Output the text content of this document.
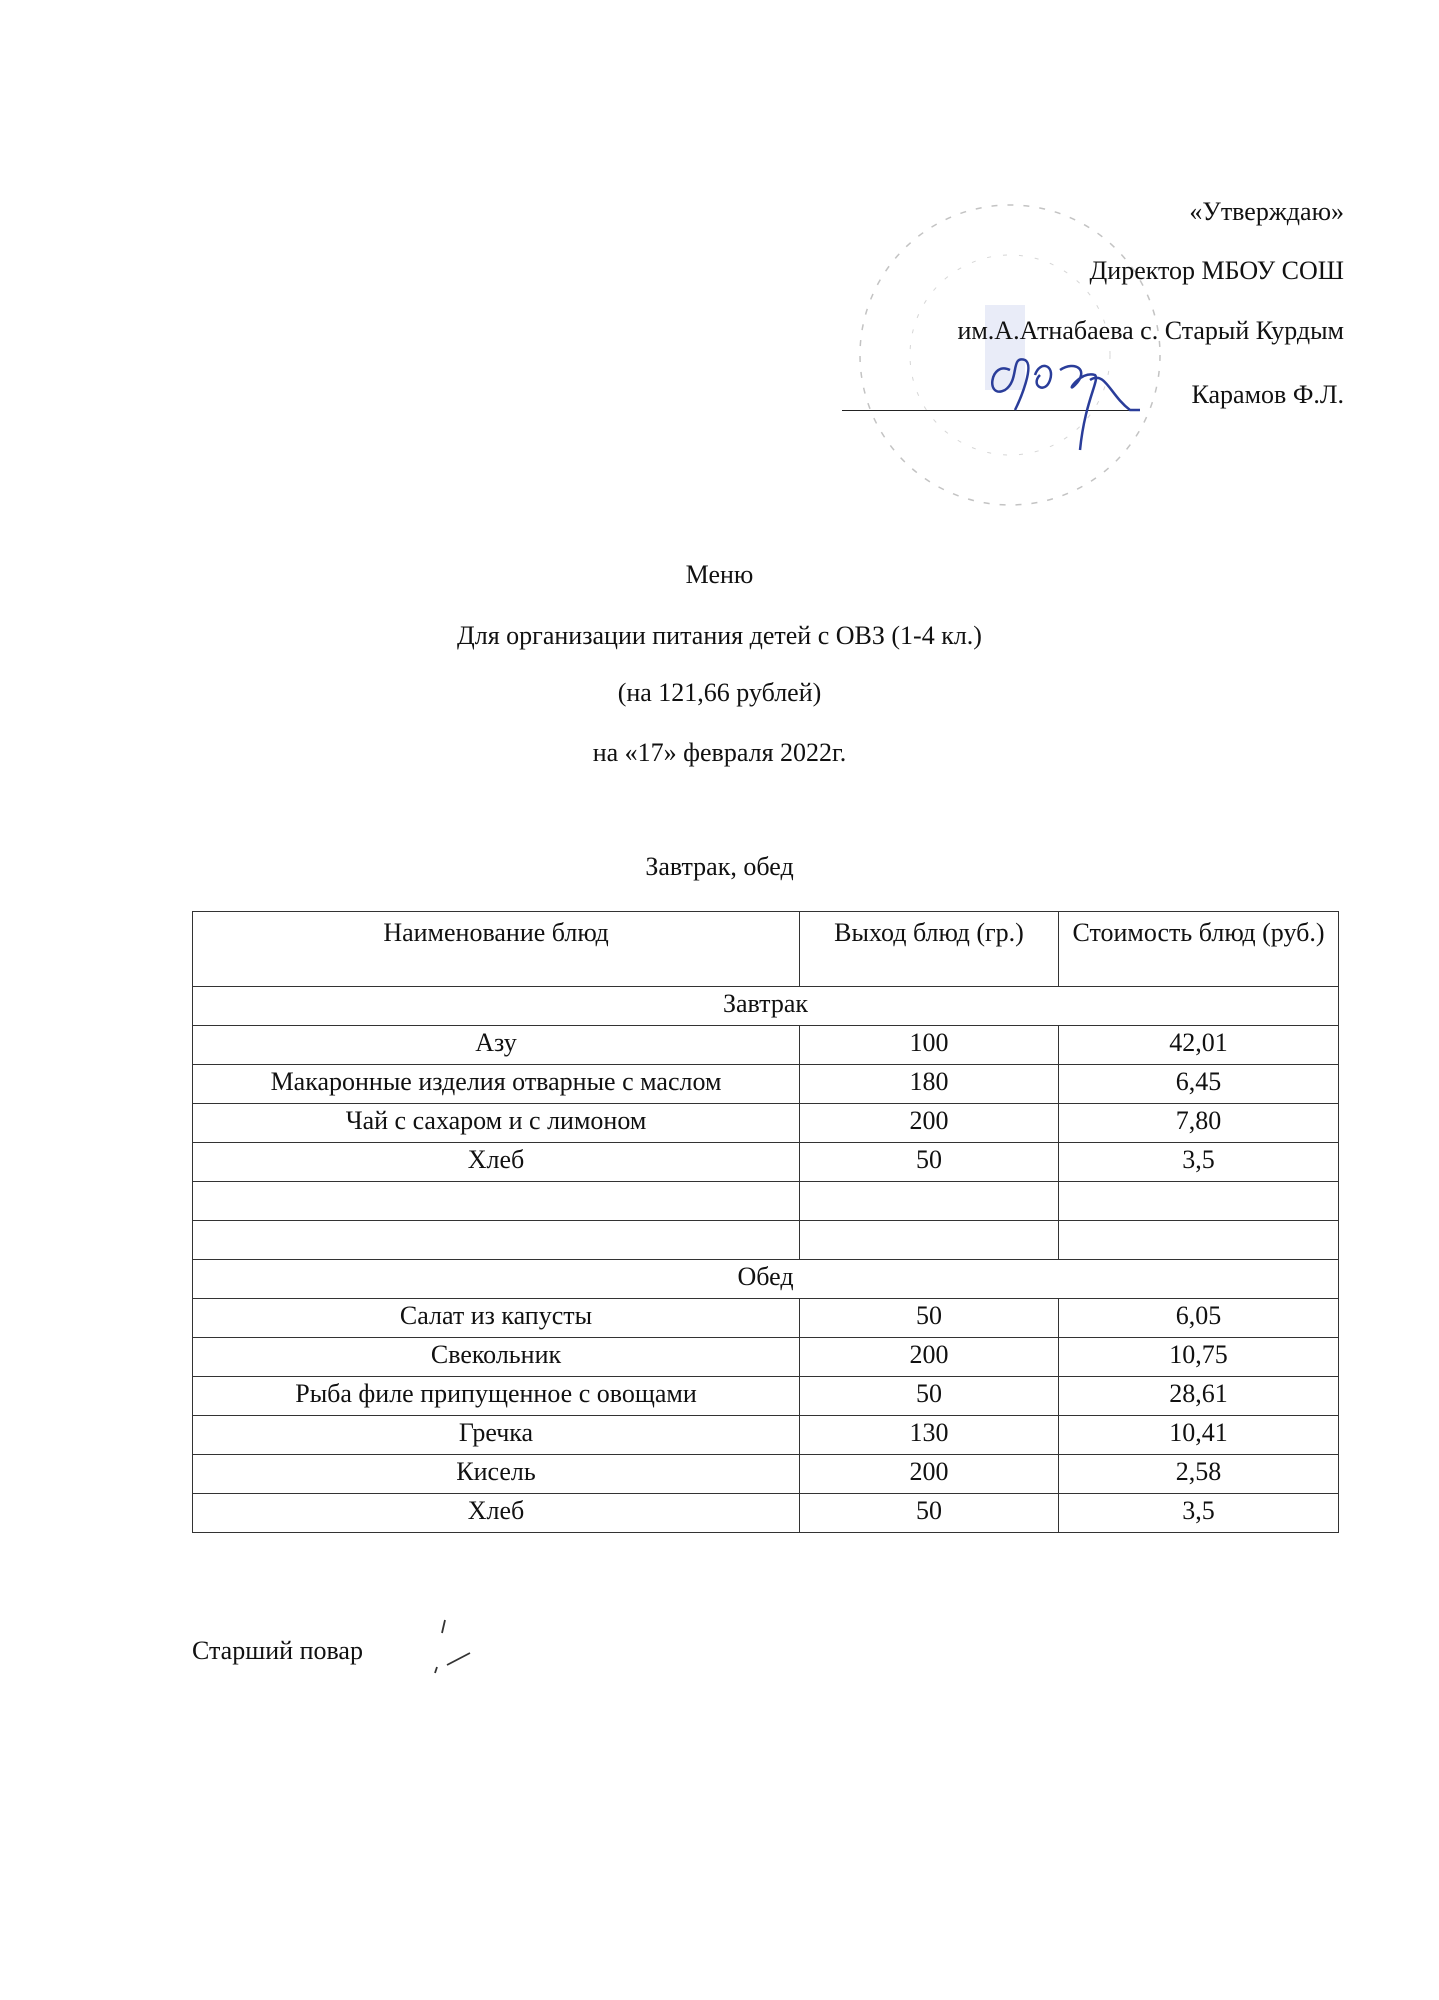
«Утверждаю»
Директор МБОУ СОШ
им.А.Атнабаева с. Старый Курдым
Карамов Ф.Л.
Меню
Для организации питания детей с ОВЗ (1-4 кл.)
(на 121,66 рублей)
на «17» февраля 2022г.
Завтрак, обед
Наименование блюд	Выход блюд (гр.)	Стоимость блюд (руб.)
Завтрак		
Азу	100	42,01
Макаронные изделия отварные с маслом	180	6,45
Чай с сахаром и с лимоном	200	7,80
Хлеб	50	3,5

Обед		
Салат из капусты	50	6,05
Свекольник	200	10,75
Рыба филе припущенное с овощами	50	28,61
Гречка	130	10,41
Кисель	200	2,58
Хлеб	50	3,5
Старший повар
